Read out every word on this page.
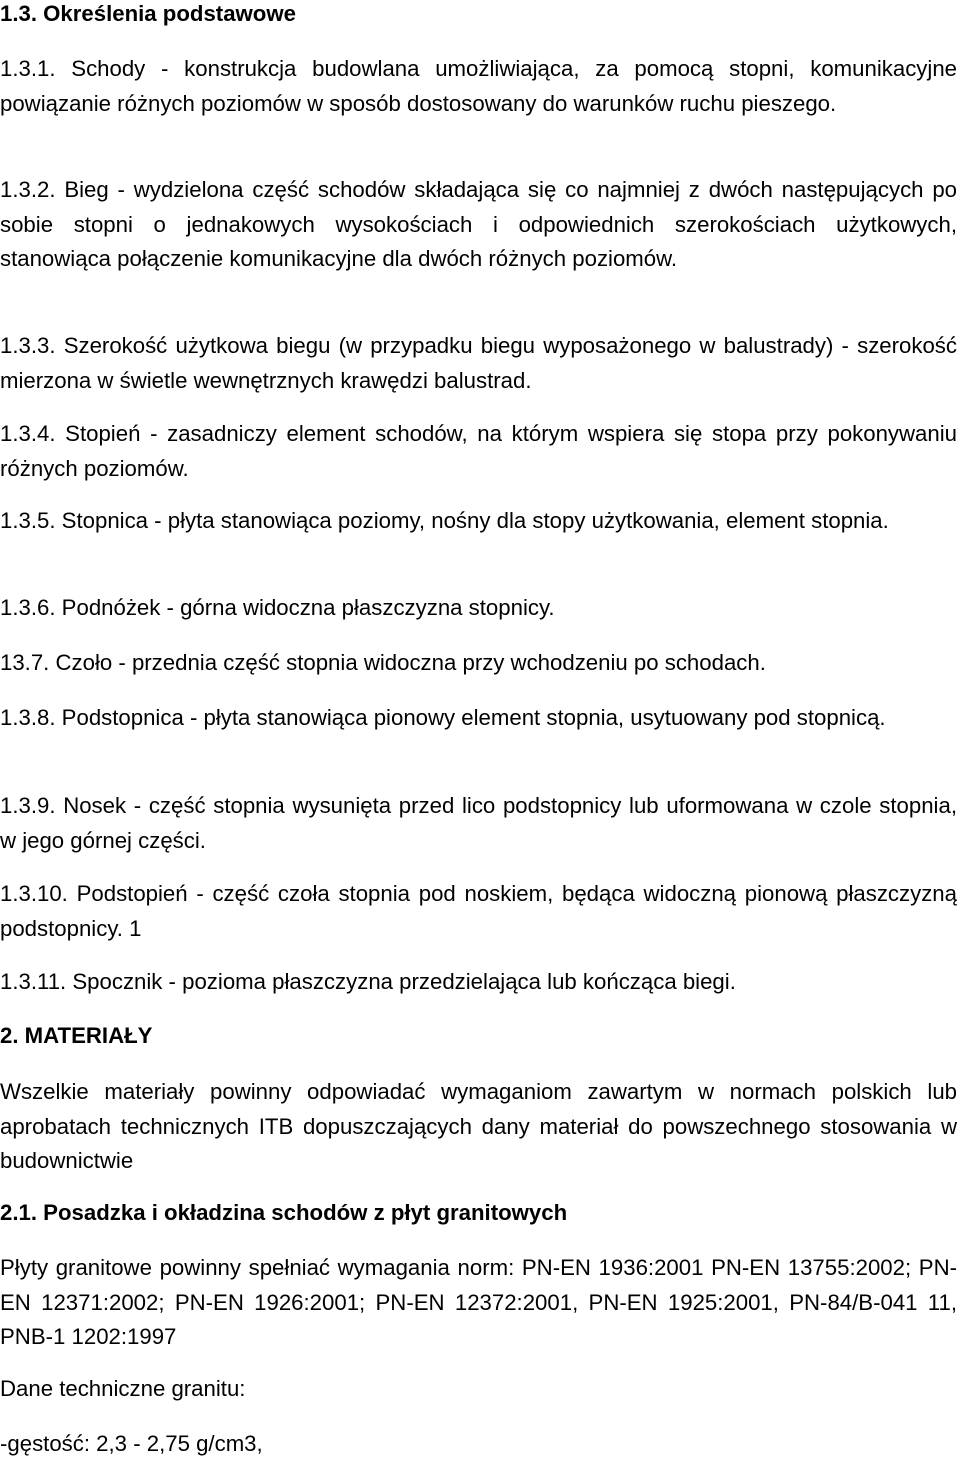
1.3. Określenia podstawowe

1.3.1. Schody - konstrukcja budowlana umożliwiająca, za pomocą stopni, komunikacyjne powiązanie różnych poziomów w sposób dostosowany do warunków ruchu pieszego.

1.3.2. Bieg - wydzielona część schodów składająca się co najmniej z dwóch następujących po sobie stopni o jednakowych wysokościach i odpowiednich szerokościach użytkowych, stanowiąca połączenie komunikacyjne dla dwóch różnych poziomów.

1.3.3. Szerokość użytkowa biegu (w przypadku biegu wyposażonego w balustrady) - szerokość mierzona w świetle wewnętrznych krawędzi balustrad.

1.3.4. Stopień - zasadniczy element schodów, na którym wspiera się stopa przy pokonywaniu różnych poziomów.

1.3.5. Stopnica - płyta stanowiąca poziomy, nośny dla stopy użytkowania, element stopnia.

1.3.6. Podnóżek - górna widoczna płaszczyzna stopnicy.

13.7. Czoło - przednia część stopnia widoczna przy wchodzeniu po schodach.

1.3.8. Podstopnica - płyta stanowiąca pionowy element stopnia, usytuowany pod stopnicą.

1.3.9. Nosek - część stopnia wysunięta przed lico podstopnicy lub uformowana w czole stopnia, w jego górnej części.

1.3.10. Podstopień - część czoła stopnia pod noskiem, będąca widoczną pionową płaszczyzną podstopnicy. 1

1.3.11. Spocznik - pozioma płaszczyzna przedzielająca lub kończąca biegi.

2. MATERIAŁY

Wszelkie materiały powinny odpowiadać wymaganiom zawartym w normach polskich lub aprobatach technicznych ITB dopuszczających dany materiał do powszechnego stosowania w budownictwie

2.1. Posadzka i okładzina schodów z płyt granitowych

Płyty granitowe powinny spełniać wymagania norm: PN-EN 1936:2001 PN-EN 13755:2002; PN-EN 12371:2002; PN-EN 1926:2001; PN-EN 12372:2001, PN-EN 1925:2001, PN-84/B-041 11, PNB-1 1202:1997

Dane techniczne granitu:

-gęstość: 2,3 - 2,75 g/cm3,
